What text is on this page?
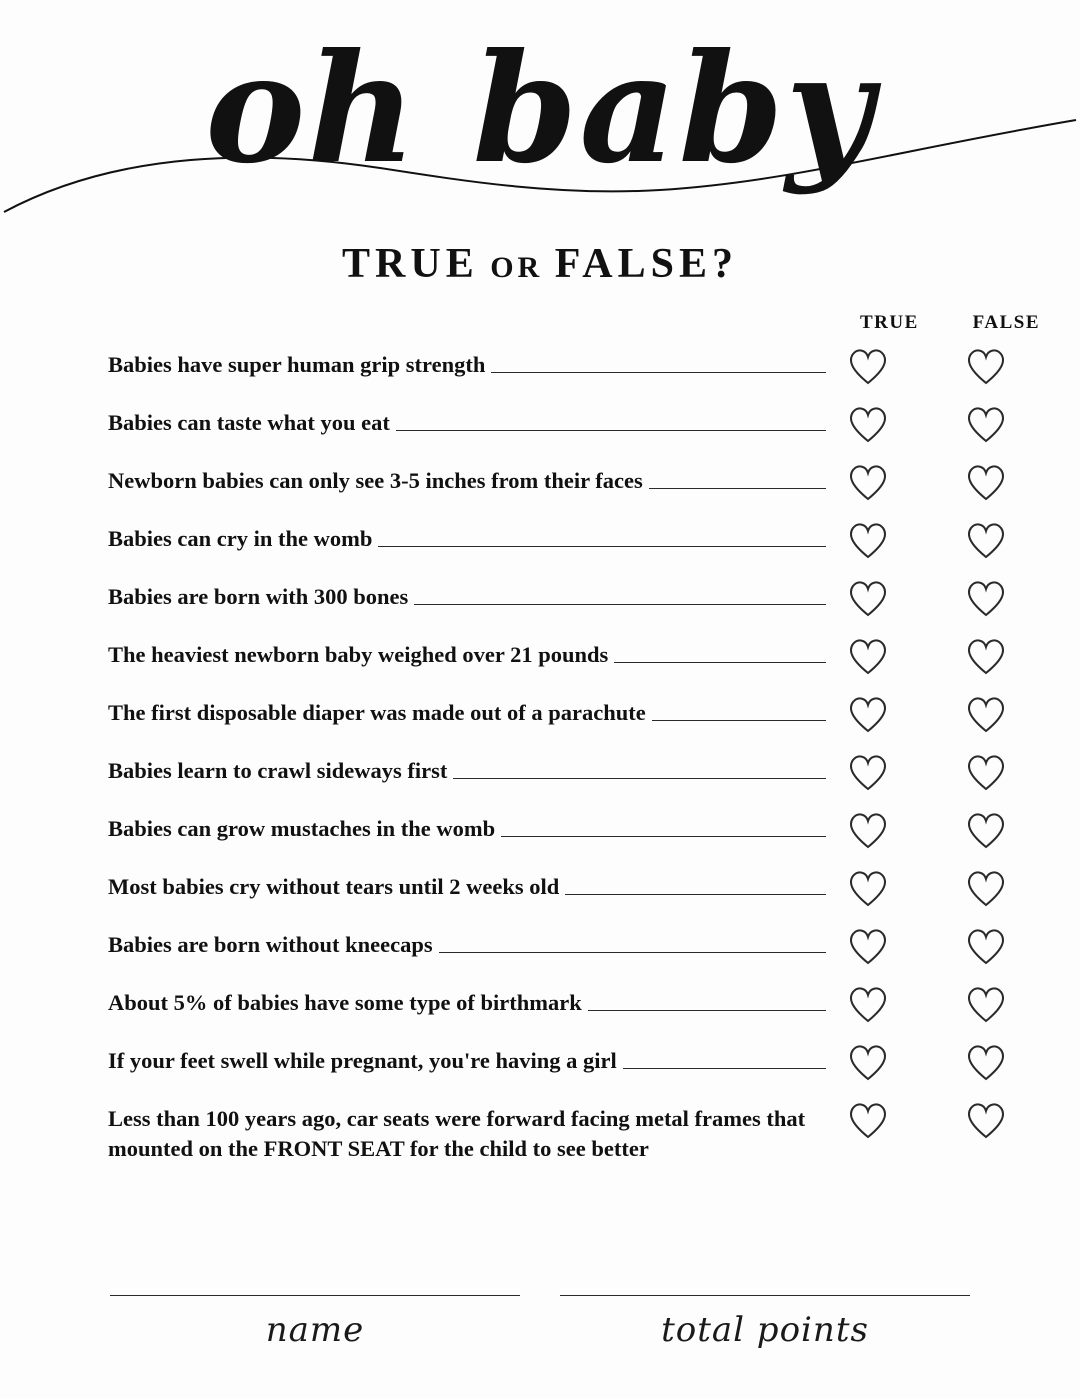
oh baby
TRUE OR FALSE?
TRUE	FALSE
Babies have super human grip strength
Babies can taste what you eat
Newborn babies can only see 3-5 inches from their faces
Babies can cry in the womb
Babies are born with 300 bones
The heaviest newborn baby weighed over 21 pounds
The first disposable diaper was made out of a parachute
Babies learn to crawl sideways first
Babies can grow mustaches in the womb
Most babies cry without tears until 2 weeks old
Babies are born without kneecaps
About 5% of babies have some type of birthmark
If your feet swell while pregnant, you're having a girl
Less than 100 years ago, car seats were forward facing metal frames that mounted on the FRONT SEAT for the child to see better
name	total points
